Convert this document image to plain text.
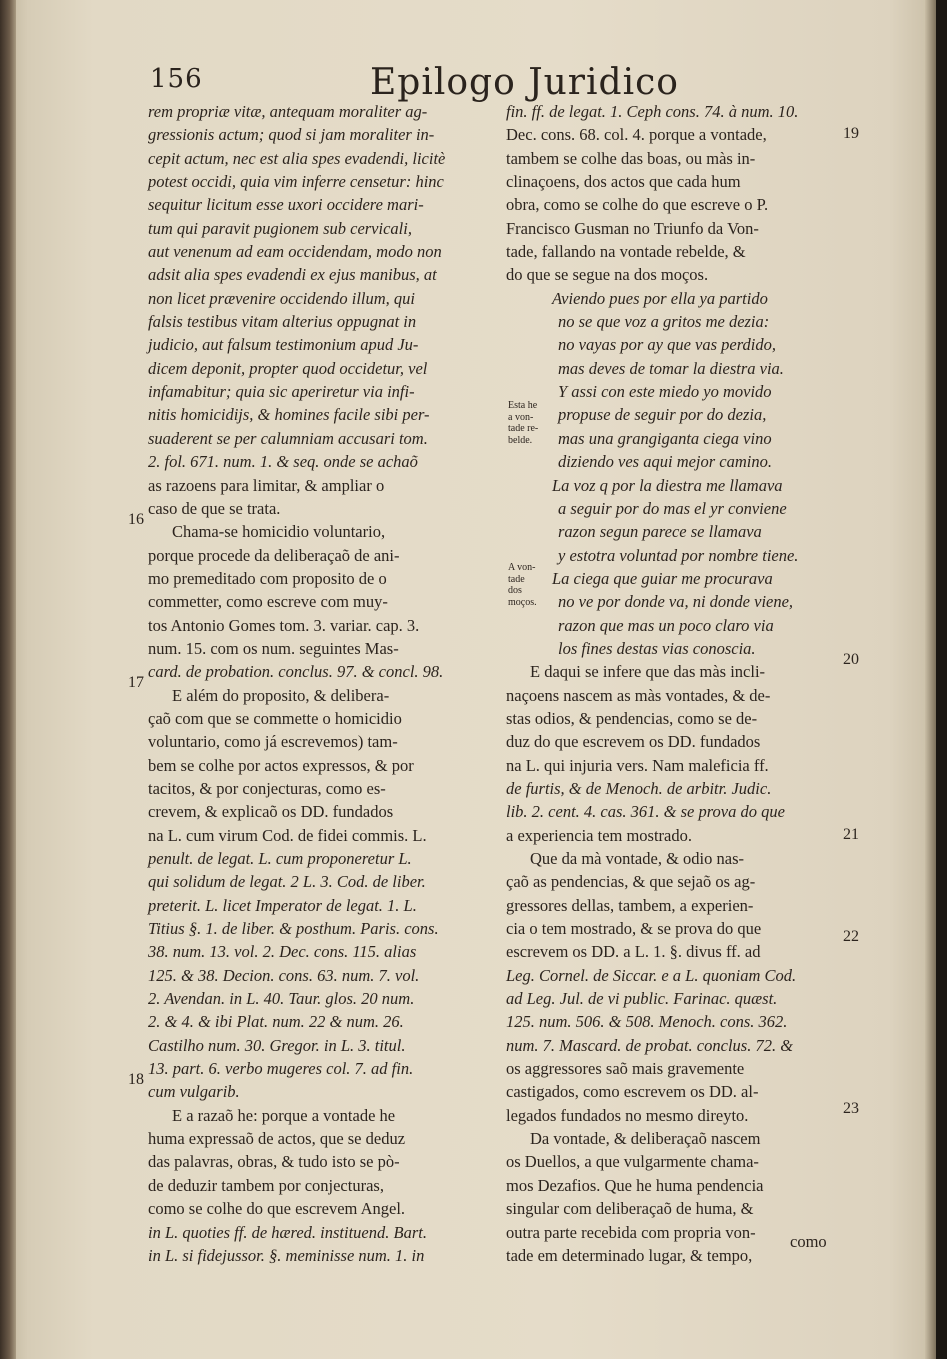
156	Epilogo Juridico
rem propriæ vitæ, antequam moraliter ag-
gressionis actum; quod si jam moraliter in-
cepit actum, nec est alia spes evadendi, licitè
potest occidi, quia vim inferre censetur: hinc
sequitur licitum esse uxori occidere mari-
tum qui paravit pugionem sub cervicali,
aut venenum ad eam occidendam, modo non
adsit alia spes evadendi ex ejus manibus, at
non licet prævenire occidendo illum, qui
falsis testibus vitam alterius oppugnat in
judicio, aut falsum testimonium apud Ju-
dicem deponit, propter quod occidetur, vel
infamabitur; quia sic aperiretur via infi-
nitis homicidijs, & homines facile sibi per-
suaderent se per calumniam accusari tom.
2. fol. 671. num. 1. & seq. onde se achaõ
as razoens para limitar, & ampliar o
caso de que se trata.
Chama-se homicidio voluntario,
porque procede da deliberaçaõ de ani-
mo premeditado com proposito de o
commetter, como escreve com muy-
tos Antonio Gomes tom. 3. variar. cap. 3.
num. 15. com os num. seguintes Mas-
card. de probation. conclus. 97. & concl. 98.
E além do proposito, & delibera-
çaõ com que se commette o homicidio
voluntario, como já escrevemos) tam-
bem se colhe por actos expressos, & por
tacitos, & por conjecturas, como es-
crevem, & explicaõ os DD. fundados
na L. cum virum Cod. de fidei commis. L.
penult. de legat. L. cum proponeretur L.
qui solidum de legat. 2 L. 3. Cod. de liber.
preterit. L. licet Imperator de legat. 1. L.
Titius §. 1. de liber. & posthum. Paris. cons.
38. num. 13. vol. 2. Dec. cons. 115. alias
125. & 38. Decion. cons. 63. num. 7. vol.
2. Avendan. in L. 40. Taur. glos. 20 num.
2. & 4. & ibi Plat. num. 22 & num. 26.
Castilho num. 30. Gregor. in L. 3. titul.
13. part. 6. verbo mugeres col. 7. ad fin.
cum vulgarib.
E a razaõ he: porque a vontade he
huma expressaõ de actos, que se deduz
das palavras, obras, & tudo isto se pò-
de deduzir tambem por conjecturas,
como se colhe do que escrevem Angel.
in L. quoties ff. de hæred. instituend. Bart.
in L. si fidejussor. §. meminisse num. 1. in
fin. ff. de legat. 1. Ceph cons. 74. à num. 10.
Dec. cons. 68. col. 4. porque a vontade,
tambem se colhe das boas, ou màs in-
clinaçoens, dos actos que cada hum
obra, como se colhe do que escreve o P.
Francisco Gusman no Triunfo da Von-
tade, fallando na vontade rebelde, &
do que se segue na dos moços.
Aviendo pues por ella ya partido
no se que voz a gritos me dezia:
no vayas por ay que vas perdido,
mas deves de tomar la diestra via.
Y assi con este miedo yo movido
propuse de seguir por do dezia,
mas una grangiganta ciega vino
diziendo ves aqui mejor camino.
La voz q por la diestra me llamava
a seguir por do mas el yr conviene
razon segun parece se llamava
y estotra voluntad por nombre tiene.
La ciega que guiar me procurava
no ve por donde va, ni donde viene,
razon que mas un poco claro via
los fines destas vias conoscia.
E daqui se infere que das màs incli-
naçoens nascem as màs vontades, & de-
stas odios, & pendencias, como se de-
duz do que escrevem os DD. fundados
na L. qui injuria vers. Nam maleficia ff.
de furtis, & de Menoch. de arbitr. Judic.
lib. 2. cent. 4. cas. 361. & se prova do que
a experiencia tem mostrado.
Que da mà vontade, & odio nas-
çaõ as pendencias, & que sejaõ os ag-
gressores dellas, tambem, a experien-
cia o tem mostrado, & se prova do que
escrevem os DD. a L. 1. §. divus ff. ad
Leg. Cornel. de Siccar. e a L. quoniam Cod.
ad Leg. Jul. de vi public. Farinac. quæst.
125. num. 506. & 508. Menoch. cons. 362.
num. 7. Mascard. de probat. conclus. 72. &
os aggressores saõ mais gravemente
castigados, como escrevem os DD. al-
legados fundados no mesmo direyto.
Da vontade, & deliberaçaõ nascem
os Duellos, a que vulgarmente chama-
mos Dezafios. Que he huma pendencia
singular com deliberaçaõ de huma, &
outra parte recebida com propria von-
tade em determinado lugar, & tempo,
16
17
18
19
20
21
22
23
Esta he
a von-
tade re-
belde.
A von-
tade
dos
moços.
como
